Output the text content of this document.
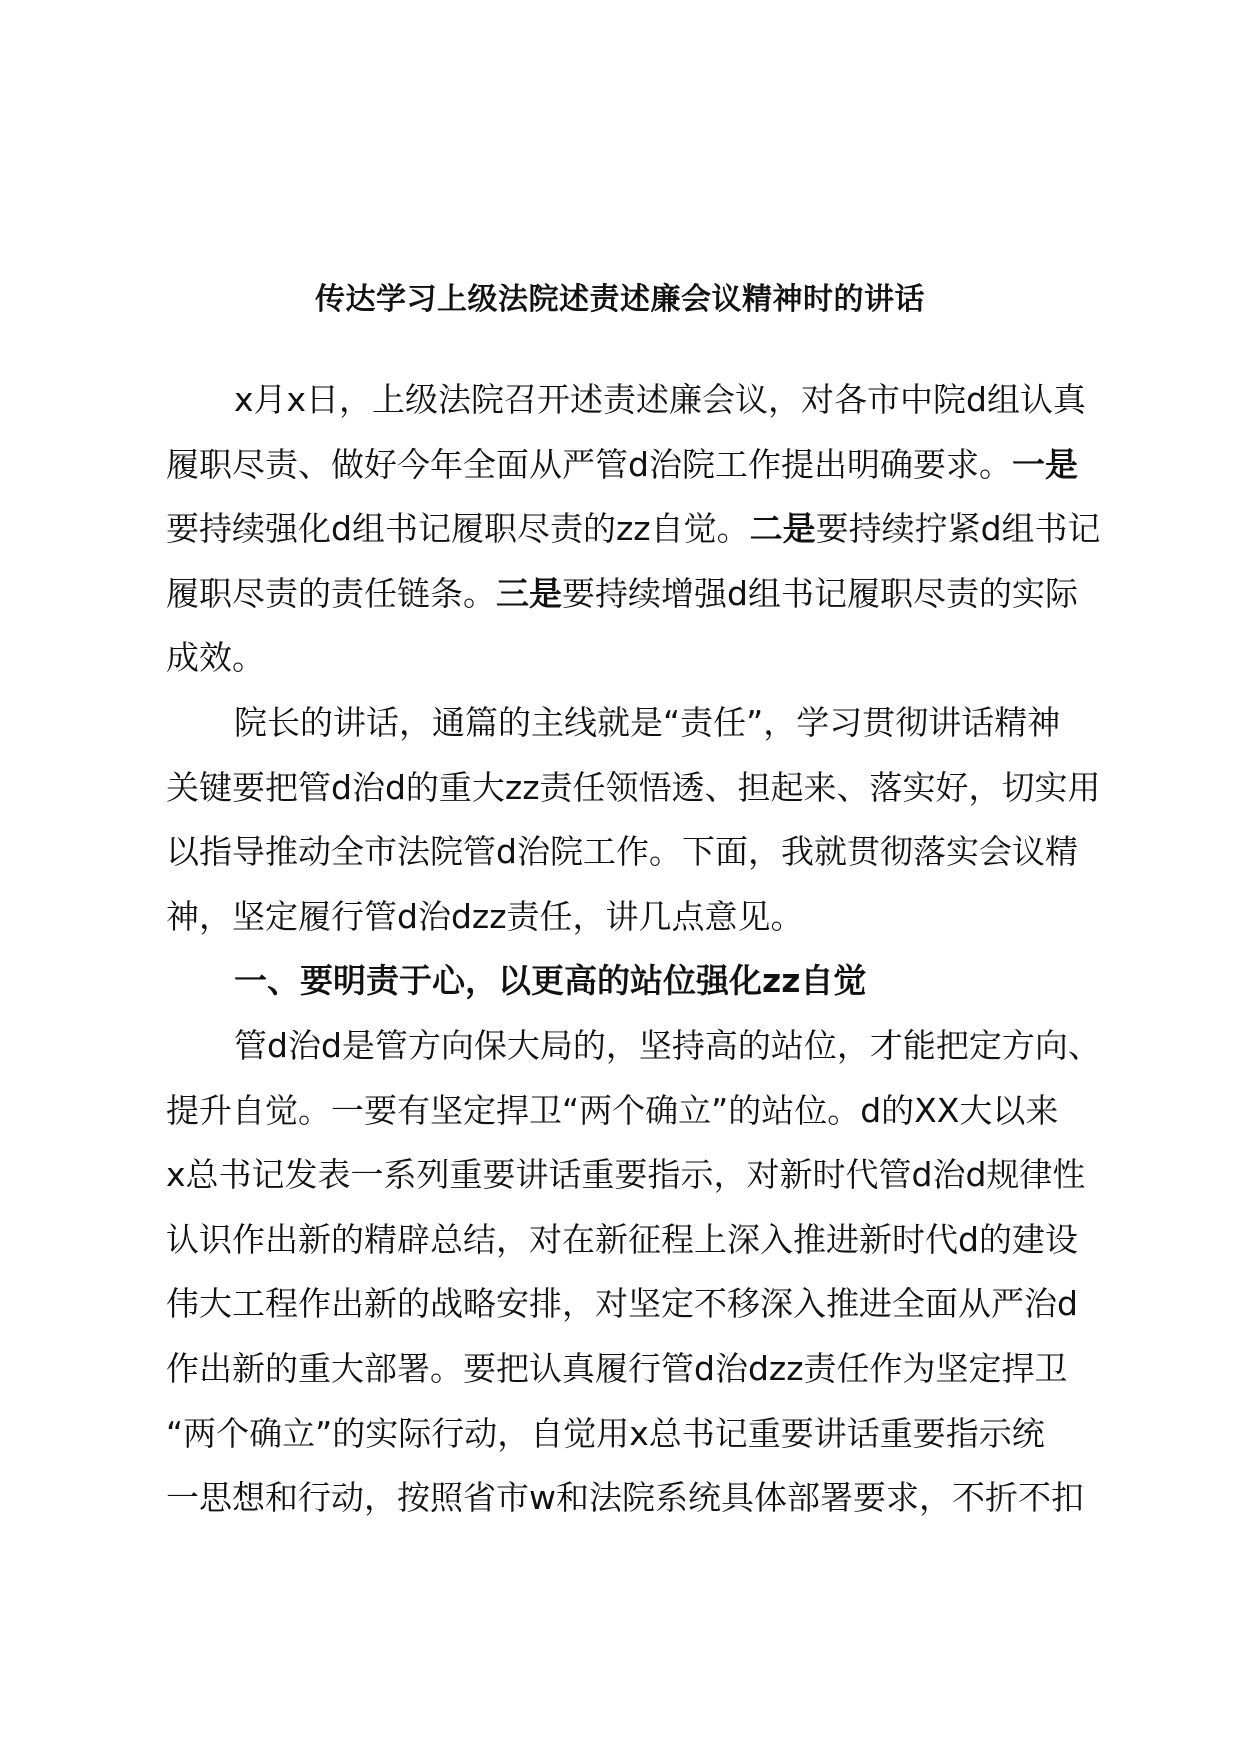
传达学习上级法院述责述廉会议精神时的讲话
x月x日，上级法院召开述责述廉会议，对各市中院d组认真
履职尽责、做好今年全面从严管d治院工作提出明确要求。一是
要持续强化d组书记履职尽责的zz自觉。二是要持续拧紧d组书记
履职尽责的责任链条。三是要持续增强d组书记履职尽责的实际
成效。
院长的讲话，通篇的主线就是“责任”，学习贯彻讲话精神
关键要把管d治d的重大zz责任领悟透、担起来、落实好，切实用
以指导推动全市法院管d治院工作。下面，我就贯彻落实会议精
神，坚定履行管d治dzz责任，讲几点意见。
一、要明责于心，以更高的站位强化zz自觉
管d治d是管方向保大局的，坚持高的站位，才能把定方向、
提升自觉。一要有坚定捍卫“两个确立”的站位。d的XX大以来
x总书记发表一系列重要讲话重要指示，对新时代管d治d规律性
认识作出新的精辟总结，对在新征程上深入推进新时代d的建设
伟大工程作出新的战略安排，对坚定不移深入推进全面从严治d
作出新的重大部署。要把认真履行管d治dzz责任作为坚定捍卫
“两个确立”的实际行动，自觉用x总书记重要讲话重要指示统
一思想和行动，按照省市w和法院系统具体部署要求，不折不扣
